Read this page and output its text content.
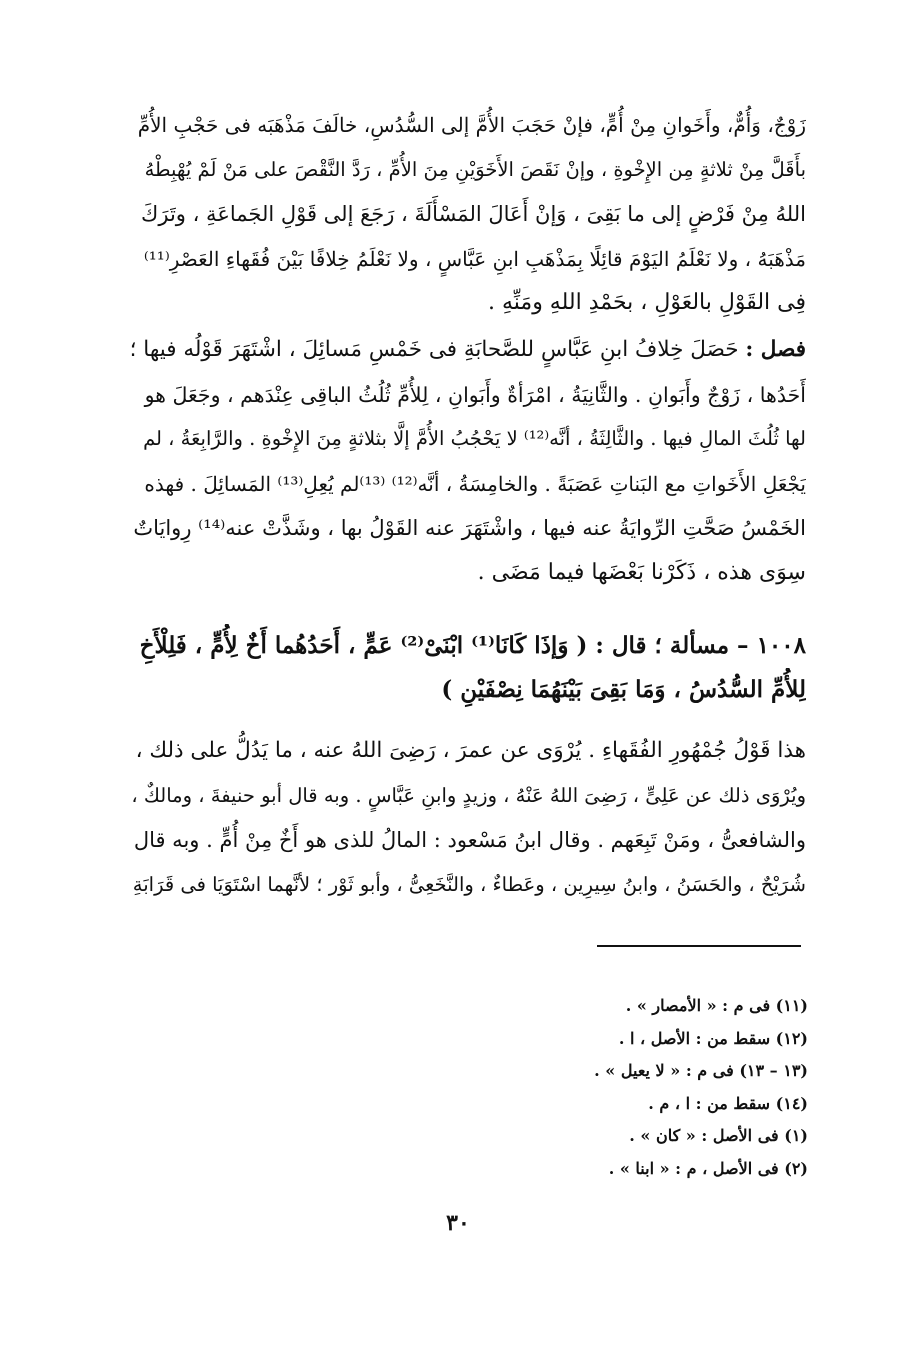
زَوْجٌ، وَأُمٌّ، وأَخَوانِ مِنْ أُمٍّ، فإنْ حَجَبَ الأُمَّ إلى السُّدُسِ، خالَفَ مَذْهَبَه فى حَجْبِ الأُمِّ
بأَقَلَّ مِنْ ثلاثةٍ مِن الإِخْوةِ ، وإنْ نَقَصَ الأَخَوَيْنِ مِنَ الأُمِّ ، رَدَّ النَّقْصَ على مَنْ لَمْ يُهْبِطْهُ
اللهُ مِنْ فَرْضٍ إلى ما بَقِىَ ، وَإنْ أَعَالَ المَسْأَلَةَ ، رَجَعَ إلى قَوْلِ الجَماعَةِ ، وتَرَكَ
مَذْهَبَهُ ، ولا نَعْلَمُ اليَوْمَ قائِلًا بِمَذْهَبِ ابنِ عَبَّاسٍ ، ولا نَعْلَمُ خِلافًا بَيْنَ فُقَهاءِ العَصْرِ⁽¹¹⁾
فِى القَوْلِ بالعَوْلِ ، بحَمْدِ اللهِ ومَنِّهِ .
فصل : حَصَلَ خِلافُ ابنِ عَبَّاسٍ للصَّحابَةِ فى خَمْسِ مَسائِلَ ، اشْتَهَرَ قَوْلُه فيها ؛
أَحَدُها ، زَوْجٌ وأَبَوانِ . والثَّانِيَةُ ، امْرَأةٌ وأَبَوانِ ، لِلأُمِّ ثُلُثُ الباقِى عِنْدَهم ، وجَعَلَ هو
لها ثُلُثَ المالِ فيها . والثَّالِثَةُ ، أنَّه⁽¹²⁾ لا يَحْجُبُ الأُمَّ إلَّا بثلاثةٍ مِنَ الإِخْوةِ . والرَّابِعَةُ ، لم
يَجْعَلِ الأَخَواتِ مع البَناتِ عَصَبَةً . والخامِسَةُ ، أنَّه⁽¹²⁾ ⁽¹³⁾لم يُعِلِ⁽¹³⁾ المَسائِلَ . فهذه
الخَمْسُ صَحَّتِ الرِّوايَةُ عنه فيها ، واشْتَهَرَ عنه القَوْلُ بها ، وشَذَّتْ عنه⁽¹⁴⁾ رِوايَاتٌ
سِوَى هذه ، ذَكَرْنا بَعْضَها فيما مَضَى .
١٠٠٨ – مسألة ؛ قال : ( وَإذَا كَانَا⁽¹⁾ ابْنَىْ⁽²⁾ عَمٍّ ، أَحَدُهُما أَخٌ لِأُمٍّ ، فَلِلْأَخِ
لِلأُمِّ السُّدُسُ ، وَمَا بَقِىَ بَيْنَهُمَا نِصْفَيْنِ )
هذا قَوْلُ جُمْهُورِ الفُقَهاءِ . يُرْوَى عن عمرَ ، رَضِىَ اللهُ عنه ، ما يَدُلُّ على ذلك ،
ويُرْوَى ذلك عن عَلِىٍّ ، رَضِىَ اللهُ عَنْهُ ، وزيدٍ وابنِ عَبَّاسٍ . وبه قال أبو حنيفةَ ، ومالكٌ ،
والشافعىُّ ، ومَنْ تَبِعَهم . وقال ابنُ مَسْعود : المالُ للذى هو أَخٌ مِنْ أُمٍّ . وبه قال
شُرَيْحٌ ، والحَسَنُ ، وابنُ سِيرِين ، وعَطاءٌ ، والنَّخَعِىُّ ، وأبو ثَوْر ؛ لأنَّهما اسْتَوَيَا فى قَرَابَةِ
(١١) فى م : « الأمصار » .
(١٢) سقط من : الأصل ، ا .
(١٣ – ١٣) فى م : « لا يعيل » .
(١٤) سقط من : ا ، م .
(١) فى الأصل : « كان » .
(٢) فى الأصل ، م : « ابنا » .
٣٠
